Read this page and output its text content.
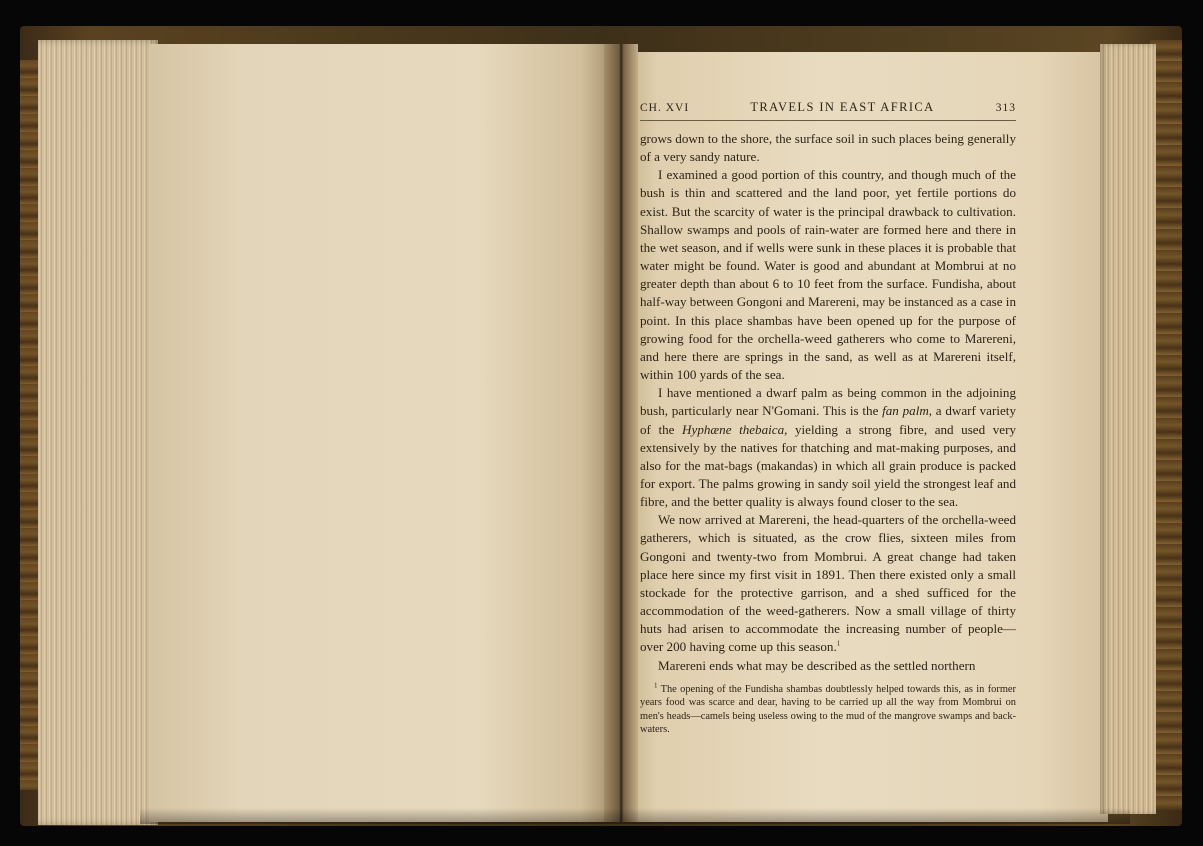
CH. XVI	TRAVELS IN EAST AFRICA	313

grows down to the shore, the surface soil in such places being generally of a very sandy nature.

I examined a good portion of this country, and though much of the bush is thin and scattered and the land poor, yet fertile portions do exist. But the scarcity of water is the principal drawback to cultivation. Shallow swamps and pools of rain-water are formed here and there in the wet season, and if wells were sunk in these places it is probable that water might be found. Water is good and abundant at Mombrui at no greater depth than about 6 to 10 feet from the surface. Fundisha, about half-way between Gongoni and Marereni, may be instanced as a case in point. In this place shambas have been opened up for the purpose of growing food for the orchella-weed gatherers who come to Marereni, and here there are springs in the sand, as well as at Marereni itself, within 100 yards of the sea.

I have mentioned a dwarf palm as being common in the adjoining bush, particularly near N'Gomani. This is the fan palm, a dwarf variety of the Hyphæne thebaica, yielding a strong fibre, and used very extensively by the natives for thatching and mat-making purposes, and also for the mat-bags (makandas) in which all grain produce is packed for export. The palms growing in sandy soil yield the strongest leaf and fibre, and the better quality is always found closer to the sea.

We now arrived at Marereni, the head-quarters of the orchella-weed gatherers, which is situated, as the crow flies, sixteen miles from Gongoni and twenty-two from Mombrui. A great change had taken place here since my first visit in 1891. Then there existed only a small stockade for the protective garrison, and a shed sufficed for the accommodation of the weed-gatherers. Now a small village of thirty huts had arisen to accommodate the increasing number of people—over 200 having come up this season.$^1$

Marereni ends what may be described as the settled northern

$^1$ The opening of the Fundisha shambas doubtlessly helped towards this, as in former years food was scarce and dear, having to be carried up all the way from Mombrui on men's heads—camels being useless owing to the mud of the mangrove swamps and back-waters.
